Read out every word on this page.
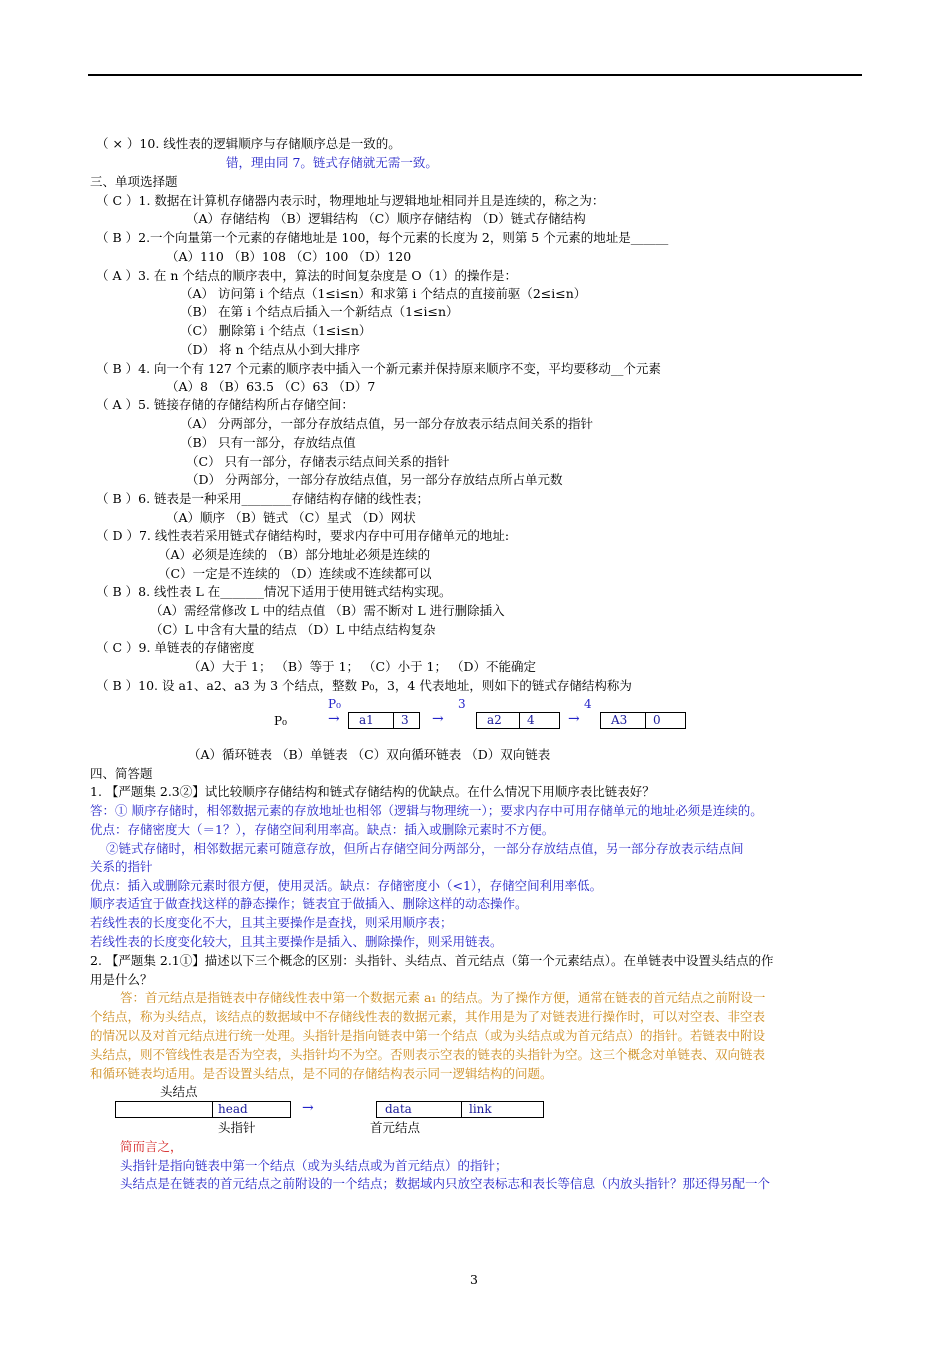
（ × ）10. 线性表的逻辑顺序与存储顺序总是一致的。
错，理由同 7。链式存储就无需一致。
三、单项选择题
（ C ）1. 数据在计算机存储器内表示时，物理地址与逻辑地址相同并且是连续的，称之为：
（A）存储结构 （B）逻辑结构 （C）顺序存储结构 （D）链式存储结构
（ B ）2.一个向量第一个元素的存储地址是 100，每个元素的长度为 2，则第 5 个元素的地址是______
（A）110 （B）108 （C）100 （D）120
（ A ）3. 在 n 个结点的顺序表中，算法的时间复杂度是 O（1）的操作是：
（A） 访问第 i 个结点（1≤i≤n）和求第 i 个结点的直接前驱（2≤i≤n）
（B） 在第 i 个结点后插入一个新结点（1≤i≤n）
（C） 删除第 i 个结点（1≤i≤n）
（D） 将 n 个结点从小到大排序
（ B ）4. 向一个有 127 个元素的顺序表中插入一个新元素并保持原来顺序不变，平均要移动__个元素
（A）8 （B）63.5 （C）63 （D）7
（ A ）5. 链接存储的存储结构所占存储空间：
（A） 分两部分，一部分存放结点值，另一部分存放表示结点间关系的指针
（B） 只有一部分，存放结点值
（C） 只有一部分，存储表示结点间关系的指针
（D） 分两部分，一部分存放结点值，另一部分存放结点所占单元数
（ B ）6. 链表是一种采用________存储结构存储的线性表；
（A）顺序 （B）链式 （C）星式 （D）网状
（ D ）7. 线性表若采用链式存储结构时，要求内存中可用存储单元的地址:
（A）必须是连续的 （B）部分地址必须是连续的
（C）一定是不连续的 （D）连续或不连续都可以
（ B ）8. 线性表 L 在_______情况下适用于使用链式结构实现。
（A）需经常修改 L 中的结点值 （B）需不断对 L 进行删除插入
（C）L 中含有大量的结点 （D）L 中结点结构复杂
（ C ）9. 单链表的存储密度
（A）大于 1； （B）等于 1； （C）小于 1； （D）不能确定
（ B ）10. 设 a1、a2、a3 为 3 个结点，整数 P₀，3，4 代表地址，则如下的链式存储结构称为
P₀	3	4
P₀	→	a1	3 →	a2	4 →	A3	0
（A）循环链表 （B）单链表 （C）双向循环链表 （D）双向链表
四、简答题
1. 【严题集 2.3②】试比较顺序存储结构和链式存储结构的优缺点。在什么情况下用顺序表比链表好？
答：① 顺序存储时，相邻数据元素的存放地址也相邻（逻辑与物理统一）；要求内存中可用存储单元的地址必须是连续的。
优点：存储密度大（＝1？），存储空间利用率高。缺点：插入或删除元素时不方便。
②链式存储时，相邻数据元素可随意存放，但所占存储空间分两部分，一部分存放结点值，另一部分存放表示结点间
关系的指针
优点：插入或删除元素时很方便，使用灵活。缺点：存储密度小（<1），存储空间利用率低。
顺序表适宜于做查找这样的静态操作；链表宜于做插入、删除这样的动态操作。
若线性表的长度变化不大，且其主要操作是查找，则采用顺序表；
若线性表的长度变化较大，且其主要操作是插入、删除操作，则采用链表。
2. 【严题集 2.1①】描述以下三个概念的区别：头指针、头结点、首元结点（第一个元素结点）。在单链表中设置头结点的作
用是什么？
答：首元结点是指链表中存储线性表中第一个数据元素 a₁ 的结点。为了操作方便，通常在链表的首元结点之前附设一
个结点，称为头结点，该结点的数据域中不存储线性表的数据元素，其作用是为了对链表进行操作时，可以对空表、非空表
的情况以及对首元结点进行统一处理。头指针是指向链表中第一个结点（或为头结点或为首元结点）的指针。若链表中附设
头结点，则不管线性表是否为空表，头指针均不为空。否则表示空表的链表的头指针为空。这三个概念对单链表、双向链表
和循环链表均适用。是否设置头结点，是不同的存储结构表示同一逻辑结构的问题。
头结点
head	→	data	link
头指针	首元结点
简而言之，
头指针是指向链表中第一个结点（或为头结点或为首元结点）的指针；
头结点是在链表的首元结点之前附设的一个结点；数据域内只放空表标志和表长等信息（内放头指针？那还得另配一个
3
